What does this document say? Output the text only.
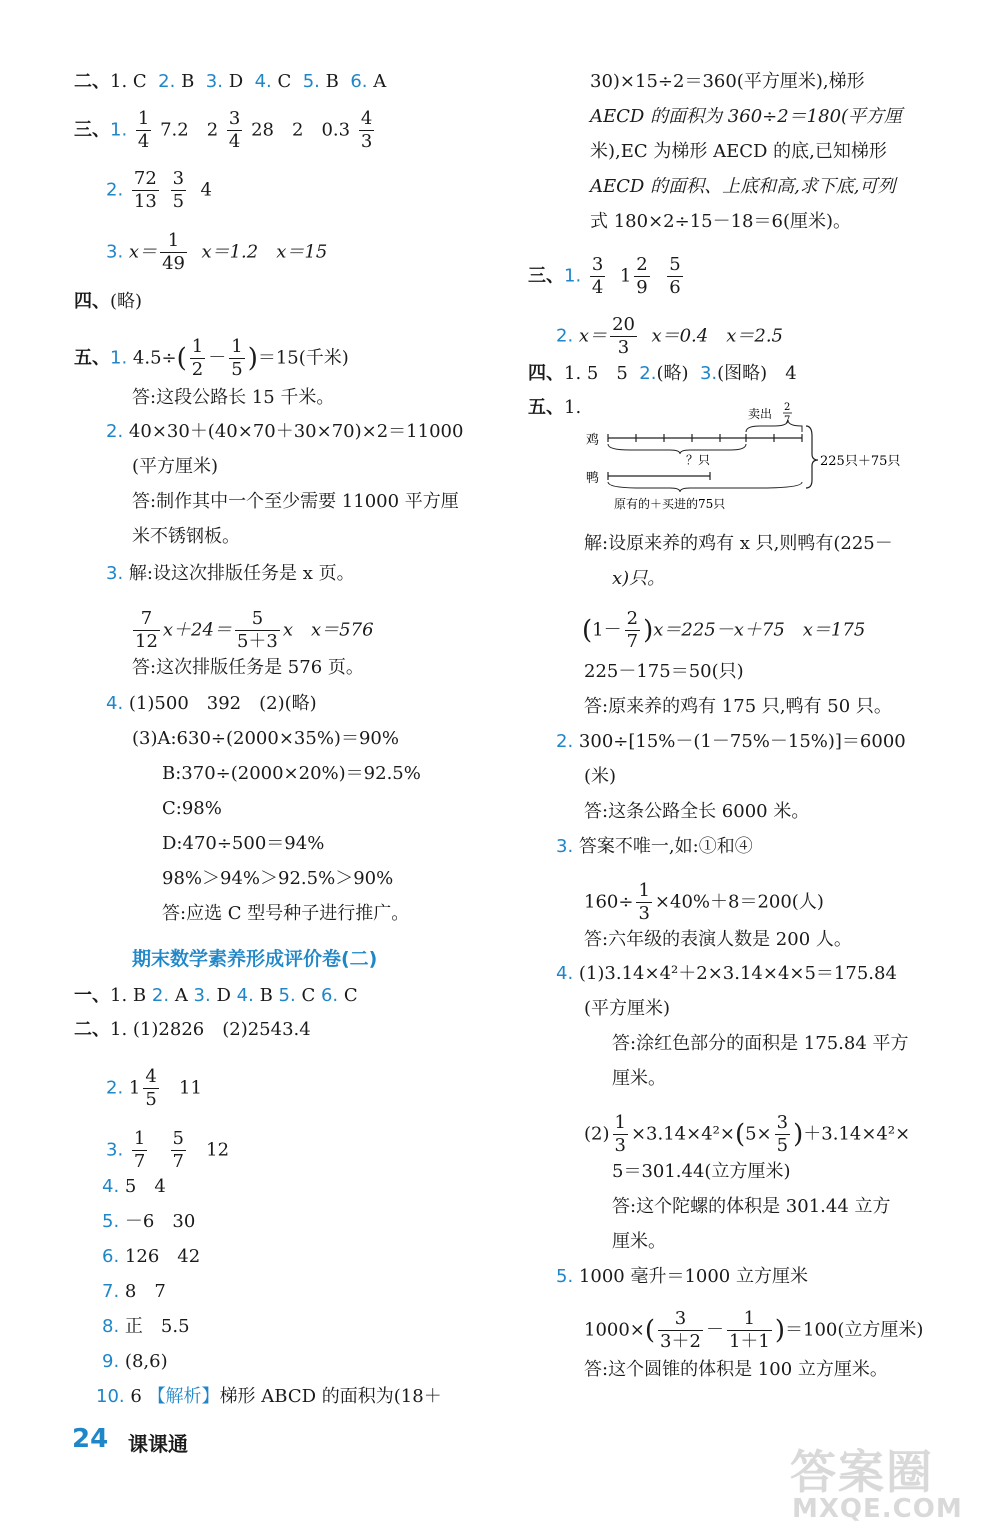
二、1. C 2. B 3. D 4. C 5. B 6. A
三、1. $\frac{1}{4} 7.2$　$2 \frac{3}{4} 28$　2　$0.3 \frac{4}{3}$
2. $\frac{72}{13}$
$\frac{3}{5} 4$
3. $x= \frac{1}{49} x=1.2$　x＝15
四、(略)
五、1. $4.5\div( \frac{1}{2} - \frac{1}{5} )=15$(千米)
答:这段公路长 15 千米。
2. 40×30＋(40×70＋30×70)×2＝11000
(平方厘米)
答:制作其中一个至少需要 11000 平方厘
米不锈钢板。
3. 解:设这次排版任务是 x 页。
$\frac{7}{12} x+24= \frac{5}{5+3}$ x　x＝576
答:这次排版任务是 576 页。
4. (1)500　392　(2)(略)
(3)A:630÷(2000×35%)＝90%
B:370÷(2000×20%)＝92.5%
C:98%
D:470÷500＝94%
98%＞94%＞92.5%＞90%
答:应选 C 型号种子进行推广。
期末数学素养形成评价卷(二)
一、1. B 2. A 3. D 4. B 5. C 6. C
二、1. (1)2826　(2)2543.4
2. $1 \frac{4}{5} 11$
3. $\frac{1}{7}$
$\frac{5}{7} 12$
4. 5　4
5. －6　30
6. 126　42
7. 8　7
8. 正　5.5
9. (8,6)
10. 6 【解析】梯形 ABCD 的面积为(18＋
24 课课通
30)×15÷2＝360(平方厘米),梯形
AECD 的面积为 360÷2＝180(平方厘
米),EC 为梯形 AECD 的底,已知梯形
AECD 的面积、上底和高,求下底,可列
式 180×2÷15－18＝6(厘米)。
三、1. $\frac{3}{4} 1 \frac{2}{9}$
$\frac{5}{6}$
2. $x= \frac{20}{3} x=0.4$　x＝2.5
四、1. 5　5 2.(略) 3.(图略)　4
五、1.
鸡
鸭
卖出 2
7
？只
原有的＋买进的75只
225只＋75只
解:设原来养的鸡有 x 只,则鸭有(225－
x)只。
$(1- \frac{2}{7} )x=225-x+75$　x＝175
225－175＝50(只)
答:原来养的鸡有 175 只,鸭有 50 只。
2. 300÷[15%－(1－75%－15%)]＝6000
(米)
答:这条公路全长 6000 米。
3. 答案不唯一,如:①和④
$160\div \frac{1}{3} \times 40\%+8=200$(人)
答:六年级的表演人数是 200 人。
4. (1)3.14×4²＋2×3.14×4×5＝175.84
(平方厘米)
答:涂红色部分的面积是 175.84 平方
厘米。
$(2) \frac{1}{3} \times 3.14\times 4^2\times(5\times \frac{3}{5} )+3.14\times 4^2\times$
5＝301.44(立方厘米)
答:这个陀螺的体积是 301.44 立方
厘米。
5. 1000 毫升＝1000 立方厘米
$1000\times( \frac{3}{3+2} - \frac{1}{1+1} )=100$(立方厘米)
答:这个圆锥的体积是 100 立方厘米。
答案圈
MXQE.COM
